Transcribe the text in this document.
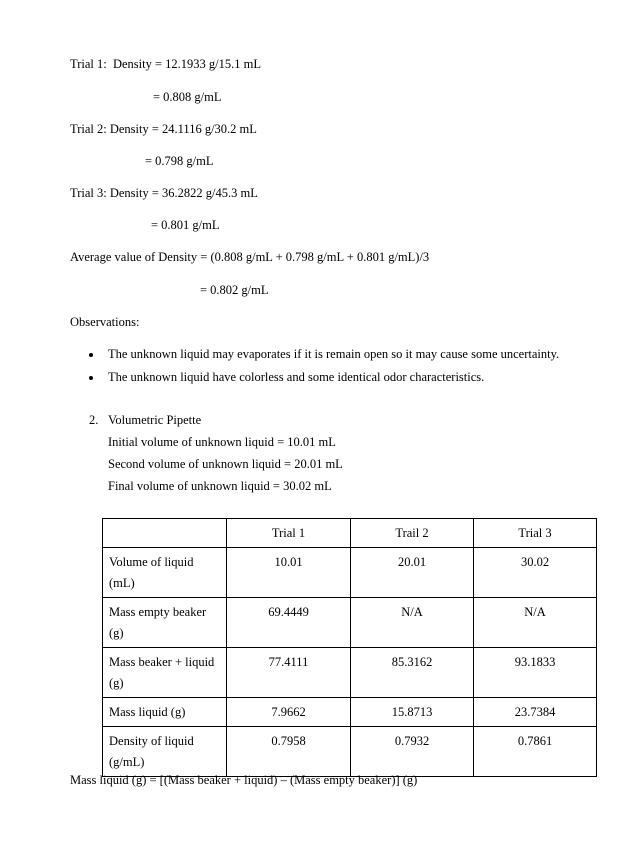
Trial 1:  Density = 12.1933 g/15.1 mL
= 0.808 g/mL
Trial 2: Density = 24.1116 g/30.2 mL
= 0.798 g/mL
Trial 3: Density = 36.2822 g/45.3 mL
= 0.801 g/mL
Average value of Density = (0.808 g/mL + 0.798 g/mL + 0.801 g/mL)/3
= 0.802 g/mL
Observations:
The unknown liquid may evaporates if it is remain open so it may cause some uncertainty.
The unknown liquid have colorless and some identical odor characteristics.
2. Volumetric Pipette
Initial volume of unknown liquid = 10.01 mL
Second volume of unknown liquid = 20.01 mL
Final volume of unknown liquid = 30.02 mL
	Trial 1	Trail 2	Trial 3
Volume of liquid (mL)	10.01	20.01	30.02
Mass empty beaker (g)	69.4449	N/A	N/A
Mass beaker + liquid (g)	77.4111	85.3162	93.1833
Mass liquid (g)	7.9662	15.8713	23.7384
Density of liquid (g/mL)	0.7958	0.7932	0.7861
Mass liquid (g) = [(Mass beaker + liquid) – (Mass empty beaker)] (g)
